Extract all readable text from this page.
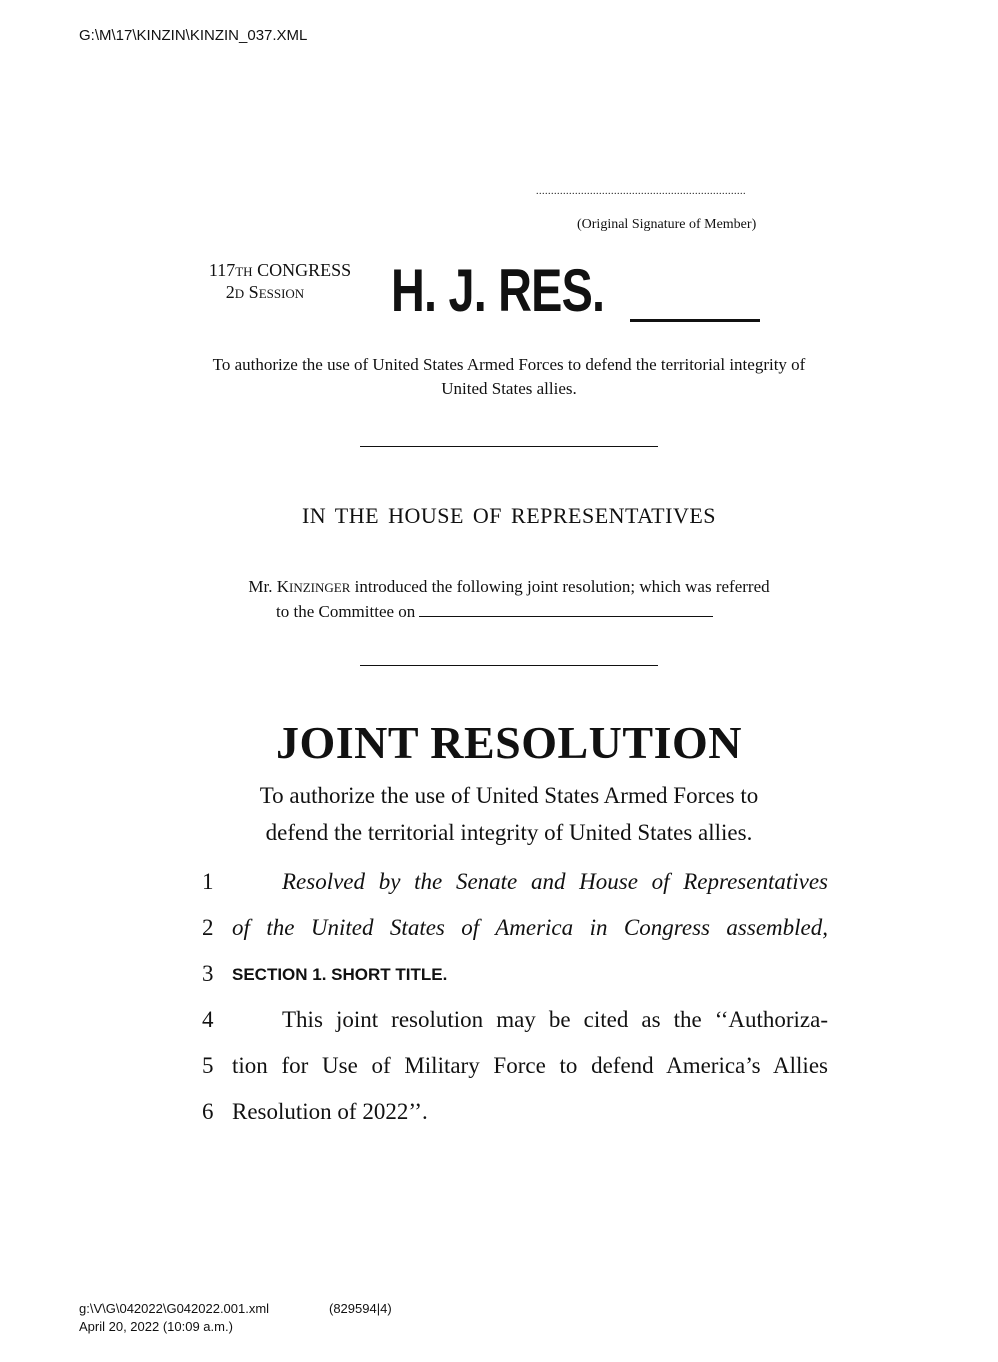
G:\M\17\KINZIN\KINZIN_037.XML
......................................................................
(Original Signature of Member)
117TH CONGRESS
2D SESSION	H. J. RES.
To authorize the use of United States Armed Forces to defend the territorial integrity of United States allies.
IN THE HOUSE OF REPRESENTATIVES
Mr. KINZINGER introduced the following joint resolution; which was referred
to the Committee on
JOINT RESOLUTION
To authorize the use of United States Armed Forces to
defend the territorial integrity of United States allies.
1	Resolved by the Senate and House of Representatives
2 of the United States of America in Congress assembled,
3 SECTION 1. SHORT TITLE.
4	This joint resolution may be cited as the ‘‘Authoriza-
5 tion for Use of Military Force to defend America’s Allies
6 Resolution of 2022’’.
g:\V\G\042022\G042022.001.xml	(829594|4)
April 20, 2022 (10:09 a.m.)
